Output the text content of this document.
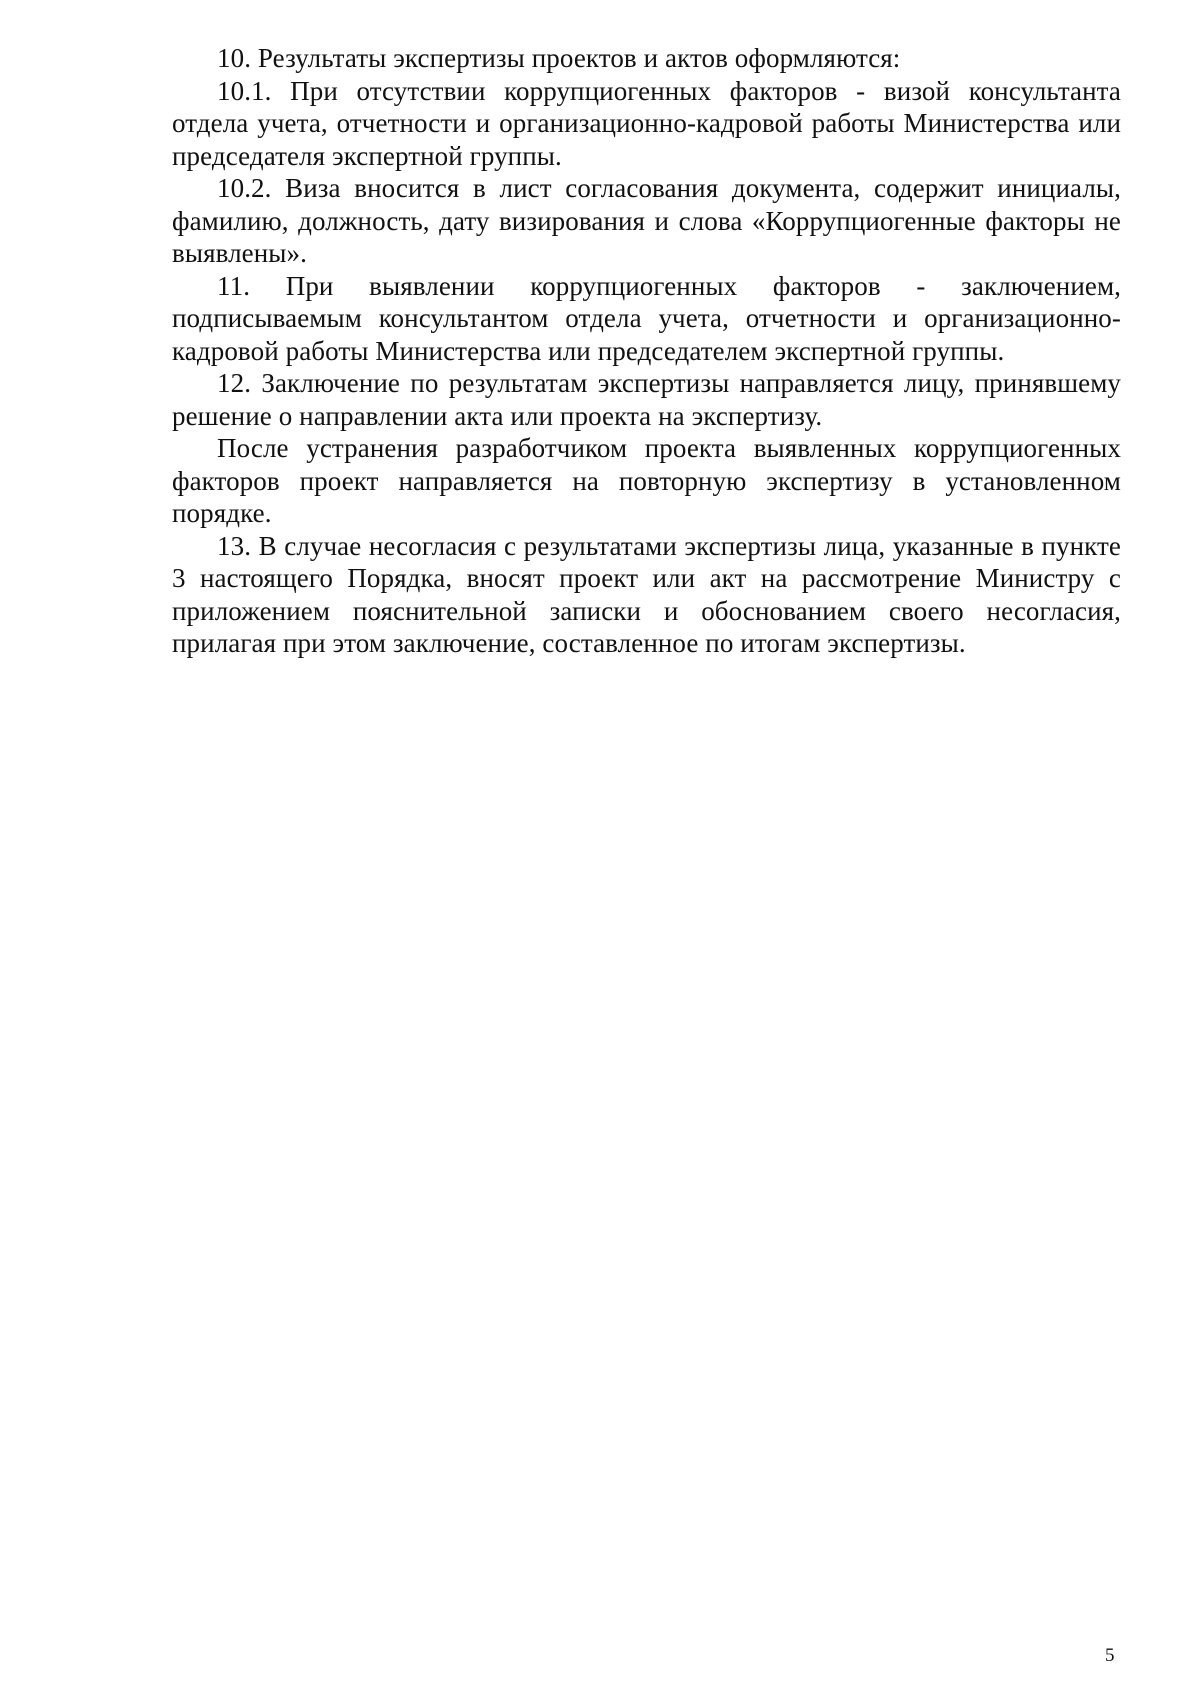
10. Результаты экспертизы проектов и актов оформляются:

10.1. При отсутствии коррупциогенных факторов - визой консультанта отдела учета, отчетности и организационно-кадровой работы Министерства или председателя экспертной группы.

10.2. Виза вносится в лист согласования документа, содержит инициалы, фамилию, должность, дату визирования и слова «Коррупциогенные факторы не выявлены».

11. При выявлении коррупциогенных факторов - заключением, подписываемым консультантом отдела учета, отчетности и организационно-кадровой работы Министерства или председателем экспертной группы.

12. Заключение по результатам экспертизы направляется лицу, принявшему решение о направлении акта или проекта на экспертизу.

После устранения разработчиком проекта выявленных коррупциогенных факторов проект направляется на повторную экспертизу в установленном порядке.

13. В случае несогласия с результатами экспертизы лица, указанные в пункте 3 настоящего Порядка, вносят проект или акт на рассмотрение Министру с приложением пояснительной записки и обоснованием своего несогласия, прилагая при этом заключение, составленное по итогам экспертизы.

5
